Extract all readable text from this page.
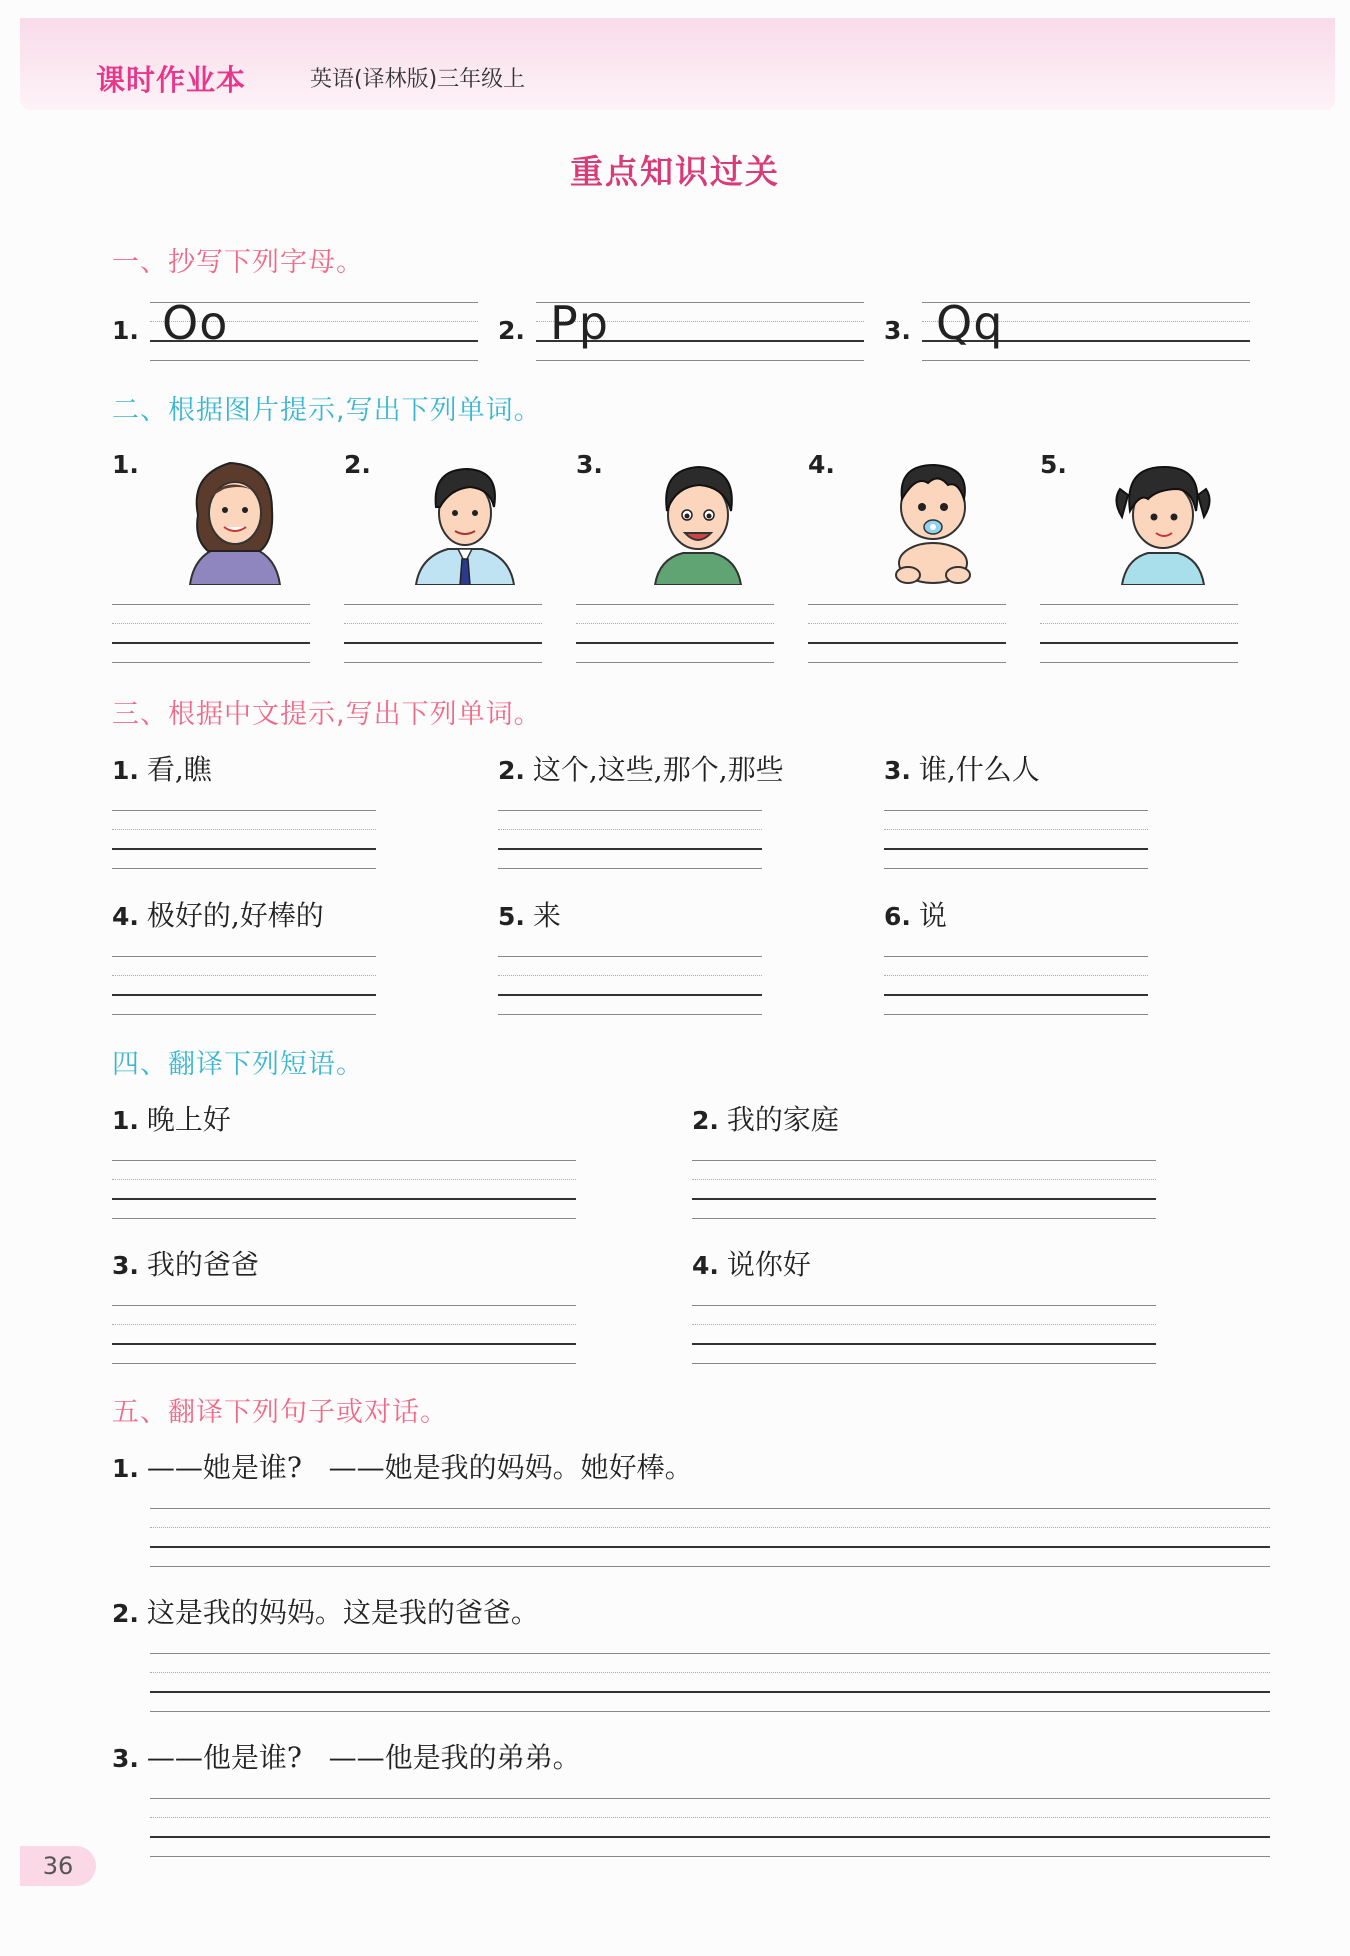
课时作业本	英语(译林版)三年级上
重点知识过关
一、抄写下列字母。
1. Oo	2. Pp	3. Qq
二、根据图片提示,写出下列单词。
1.	2.	3.	4.	5.
三、根据中文提示,写出下列单词。
1. 看,瞧	2. 这个,这些,那个,那些	3. 谁,什么人
4. 极好的,好棒的	5. 来	6. 说
四、翻译下列短语。
1. 晚上好	2. 我的家庭
3. 我的爸爸	4. 说你好
五、翻译下列句子或对话。
1. ——她是谁?   ——她是我的妈妈。她好棒。
2. 这是我的妈妈。这是我的爸爸。
3. ——他是谁?   ——他是我的弟弟。
36
